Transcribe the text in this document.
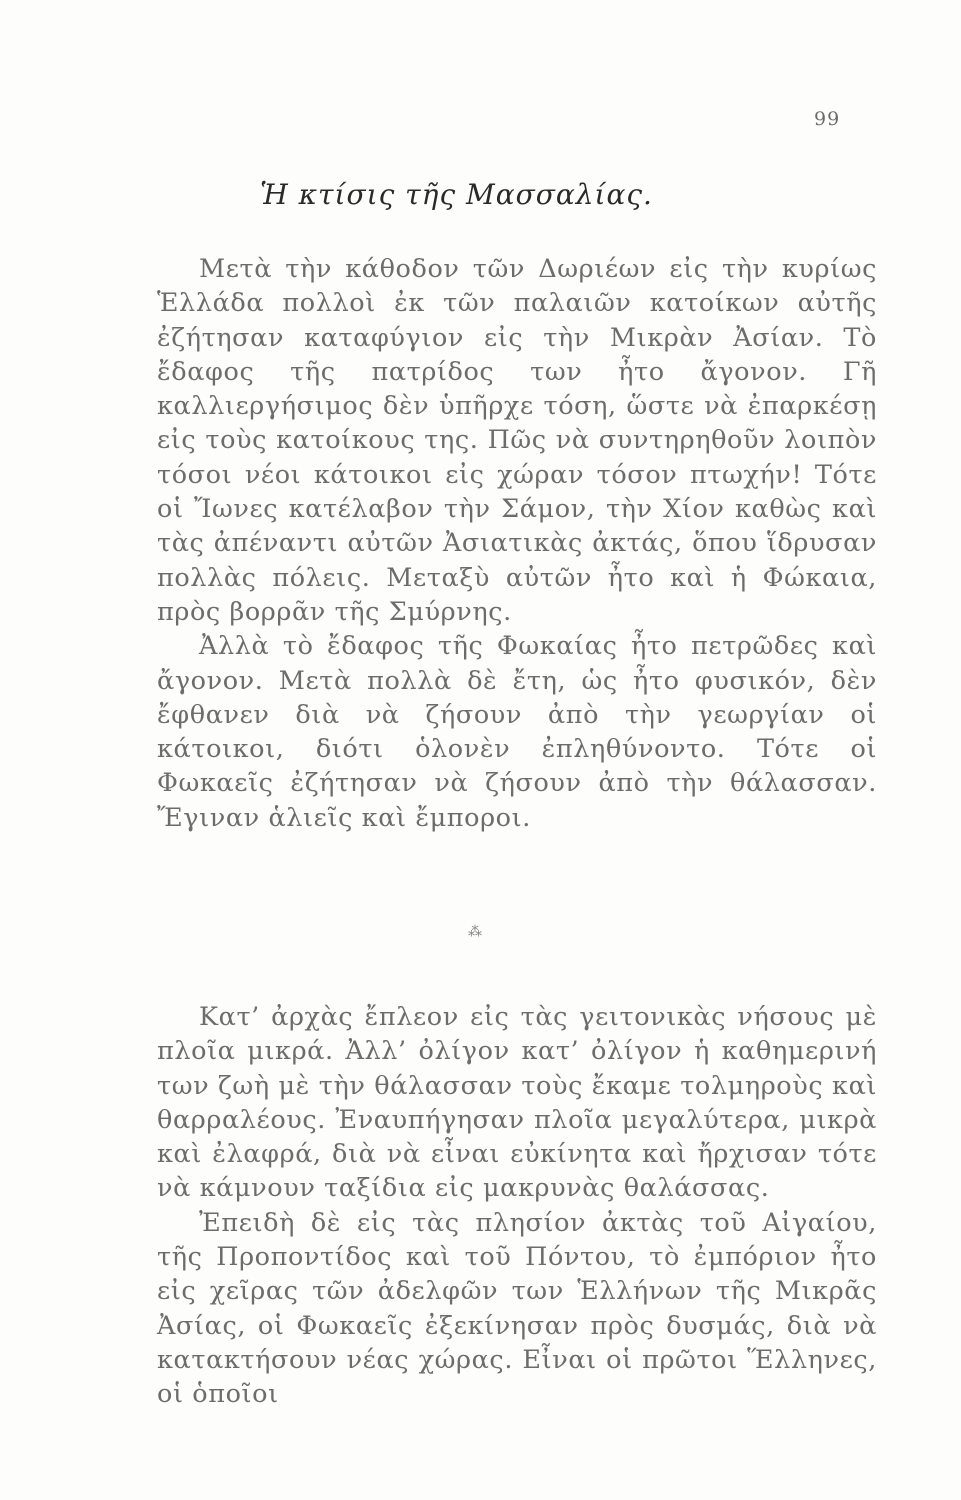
99
Ἡ κτίσις τῆς Μασσαλίας.

Μετὰ τὴν κάθοδον τῶν Δωριέων εἰς τὴν κυρίως Ἑλλάδα πολλοὶ ἐκ τῶν παλαιῶν κατοίκων αὐτῆς ἐζήτησαν καταφύγιον εἰς τὴν Μικρὰν Ἀσίαν. Τὸ ἔδαφος τῆς πατρίδος των ἦτο ἄγονον. Γῆ καλλιεργήσιμος δὲν ὑπῆρχε τόση, ὥστε νὰ ἐπαρκέσῃ εἰς τοὺς κατοίκους της. Πῶς νὰ συντηρηθοῦν λοιπὸν τόσοι νέοι κάτοικοι εἰς χώραν τόσον πτωχήν! Τότε οἱ Ἴωνες κατέλαβον τὴν Σάμον, τὴν Χίον καθὼς καὶ τὰς ἀπέναντι αὐτῶν Ἀσιατικὰς ἀκτάς, ὅπου ἵδρυσαν πολλὰς πόλεις. Μεταξὺ αὐτῶν ἦτο καὶ ἡ Φώκαια, πρὸς βορρᾶν τῆς Σμύρνης.

Ἀλλὰ τὸ ἔδαφος τῆς Φωκαίας ἦτο πετρῶδες καὶ ἄγονον. Μετὰ πολλὰ δὲ ἔτη, ὡς ἦτο φυσικόν, δὲν ἔφθανεν διὰ νὰ ζήσουν ἀπὸ τὴν γεωργίαν οἱ κάτοικοι, διότι ὁλονὲν ἐπληθύνοντο. Τότε οἱ Φωκαεῖς ἐζήτησαν νὰ ζήσουν ἀπὸ τὴν θάλασσαν. Ἔγιναν ἁλιεῖς καὶ ἔμποροι.

⁂

Κατ’ ἀρχὰς ἔπλεον εἰς τὰς γειτονικὰς νήσους μὲ πλοῖα μικρά. Ἀλλ’ ὀλίγον κατ’ ὀλίγον ἡ καθημερινή των ζωὴ μὲ τὴν θάλασσαν τοὺς ἔκαμε τολμηροὺς καὶ θαρραλέους. Ἐναυπήγησαν πλοῖα μεγαλύτερα, μικρὰ καὶ ἐλαφρά, διὰ νὰ εἶναι εὐκίνητα καὶ ἤρχισαν τότε νὰ κάμνουν ταξίδια εἰς μακρυνὰς θαλάσσας.

Ἐπειδὴ δὲ εἰς τὰς πλησίον ἀκτὰς τοῦ Αἰγαίου, τῆς Προποντίδος καὶ τοῦ Πόντου, τὸ ἐμπόριον ἦτο εἰς χεῖρας τῶν ἀδελφῶν των Ἑλλήνων τῆς Μικρᾶς Ἀσίας, οἱ Φωκαεῖς ἐξεκίνησαν πρὸς δυσμάς, διὰ νὰ κατακτήσουν νέας χώρας. Εἶναι οἱ πρῶτοι Ἕλληνες, οἱ ὁποῖοι
